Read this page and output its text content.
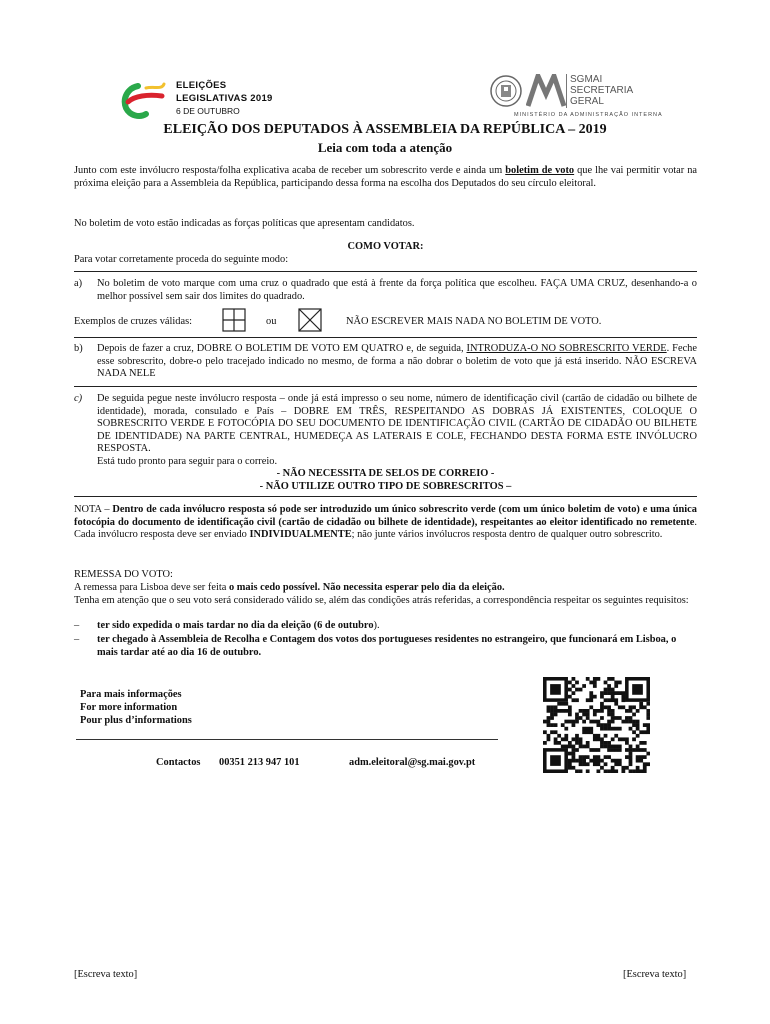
ELEIÇÕES
LEGISLATIVAS 2019
6 DE OUTUBRO
SGMAI
SECRETARIA
GERAL
MINISTÉRIO DA ADMINISTRAÇÃO INTERNA
ELEIÇÃO DOS DEPUTADOS À ASSEMBLEIA DA REPÚBLICA – 2019
Leia com toda a atenção
Junto com este invólucro resposta/folha explicativa acaba de receber um sobrescrito verde e ainda um boletim de voto que lhe vai permitir votar na próxima eleição para a Assembleia da República, participando dessa forma na escolha dos Deputados do seu círculo eleitoral.
No boletim de voto estão indicadas as forças políticas que apresentam candidatos.
COMO VOTAR:
Para votar corretamente proceda do seguinte modo:
a) No boletim de voto marque com uma cruz o quadrado que está à frente da força política que escolheu. FAÇA UMA CRUZ, desenhando-a o melhor possível sem sair dos limites do quadrado.
Exemplos de cruzes válidas:	ou	NÃO ESCREVER MAIS NADA NO BOLETIM DE VOTO.
b) Depois de fazer a cruz, DOBRE O BOLETIM DE VOTO EM QUATRO e, de seguida, INTRODUZA-O NO SOBRESCRITO VERDE. Feche esse sobrescrito, dobre-o pelo tracejado indicado no mesmo, de forma a não dobrar o boletim de voto que já está inserido. NÃO ESCREVA NADA NELE
c) De seguida pegue neste invólucro resposta – onde já está impresso o seu nome, número de identificação civil (cartão de cidadão ou bilhete de identidade), morada, consulado e País – DOBRE EM TRÊS, RESPEITANDO AS DOBRAS JÁ EXISTENTES, COLOQUE O SOBRESCRITO VERDE E FOTOCÓPIA DO SEU DOCUMENTO DE IDENTIFICAÇÃO CIVIL (CARTÃO DE CIDADÃO OU BILHETE DE IDENTIDADE) NA PARTE CENTRAL, HUMEDEÇA AS LATERAIS E COLE, FECHANDO DESTA FORMA ESTE INVÓLUCRO RESPOSTA.
Está tudo pronto para seguir para o correio.
- NÃO NECESSITA DE SELOS DE CORREIO -
- NÃO UTILIZE OUTRO TIPO DE SOBRESCRITOS –
NOTA – Dentro de cada invólucro resposta só pode ser introduzido um único sobrescrito verde (com um único boletim de voto) e uma única fotocópia do documento de identificação civil (cartão de cidadão ou bilhete de identidade), respeitantes ao eleitor identificado no remetente. Cada invólucro resposta deve ser enviado INDIVIDUALMENTE; não junte vários invólucros resposta dentro de qualquer outro sobrescrito.
REMESSA DO VOTO:
A remessa para Lisboa deve ser feita o mais cedo possível. Não necessita esperar pelo dia da eleição.
Tenha em atenção que o seu voto será considerado válido se, além das condições atrás referidas, a correspondência respeitar os seguintes requisitos:
– ter sido expedida o mais tardar no dia da eleição (6 de outubro).
– ter chegado à Assembleia de Recolha e Contagem dos votos dos portugueses residentes no estrangeiro, que funcionará em Lisboa, o mais tardar até ao dia 16 de outubro.
Para mais informações
For more information
Pour plus d’informations
Contactos 00351 213 947 101	adm.eleitoral@sg.mai.gov.pt
[Escreva texto]	[Escreva texto]
